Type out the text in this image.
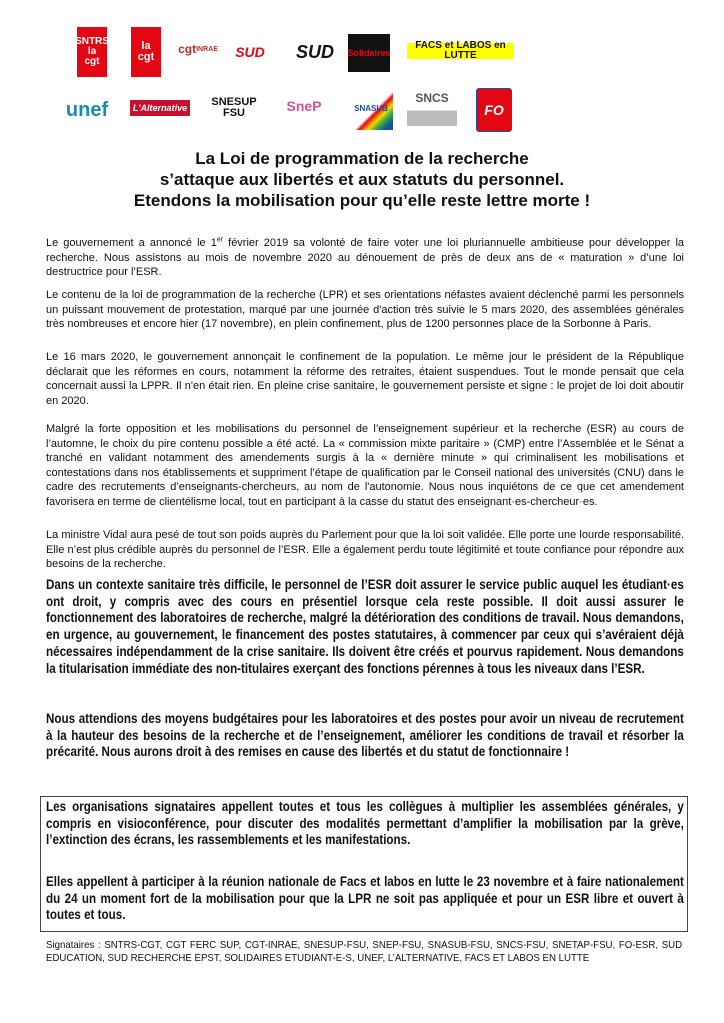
SNTRS
la
cgt
la
cgt
cgt INRAE	SUD	SUD Solidaires
FACS et LABOS en LUTTE
unef	L'Alternative	SNESUP FSU	SneP	SNASUB
SNCS
FO
La Loi de programmation de la recherche
s’attaque aux libertés et aux statuts du personnel.
Etendons la mobilisation pour qu’elle reste lettre morte !
Le gouvernement a annoncé le 1er février 2019 sa volonté de faire voter une loi pluriannuelle ambitieuse pour développer la recherche. Nous assistons au mois de novembre 2020 au dénouement de près de deux ans de « maturation » d’une loi destructrice pour l’ESR.
Le contenu de la loi de programmation de la recherche (LPR) et ses orientations néfastes avaient déclenché parmi les personnels un puissant mouvement de protestation, marqué par une journée d'action très suivie le 5 mars 2020, des assemblées générales très nombreuses et encore hier (17 novembre), en plein confinement, plus de 1200 personnes place de la Sorbonne à Paris.
Le 16 mars 2020, le gouvernement annonçait le confinement de la population. Le même jour le président de la République déclarait que les réformes en cours, notamment la réforme des retraites, étaient suspendues. Tout le monde pensait que cela concernait aussi la LPPR. Il n'en était rien. En pleine crise sanitaire, le gouvernement persiste et signe : le projet de loi doit aboutir en 2020.
Malgré la forte opposition et les mobilisations du personnel de l’enseignement supérieur et la recherche (ESR) au cours de l’automne, le choix du pire contenu possible a été acté. La « commission mixte paritaire » (CMP) entre l’Assemblée et le Sénat a tranché en validant notamment des amendements surgis à la « dernière minute » qui criminalisent les mobilisations et contestations dans nos établissements et suppriment l’étape de qualification par le Conseil national des universités (CNU) dans le cadre des recrutements d’enseignants-chercheurs, au nom de l'autonomie. Nous nous inquiétons de ce que cet amendement favorisera en terme de clientélisme local, tout en participant à la casse du statut des enseignant·es-chercheur·es.
La ministre Vidal aura pesé de tout son poids auprès du Parlement pour que la loi soit validée. Elle porte une lourde responsabilité. Elle n’est plus crédible auprès du personnel de l’ESR. Elle a également perdu toute légitimité et toute confiance pour répondre aux besoins de la recherche.
Dans un contexte sanitaire très difficile, le personnel de l’ESR doit assurer le service public auquel les étudiant·es ont droit, y compris avec des cours en présentiel lorsque cela reste possible. Il doit aussi assurer le fonctionnement des laboratoires de recherche, malgré la détérioration des conditions de travail. Nous demandons, en urgence, au gouvernement, le financement des postes statutaires, à commencer par ceux qui s’avéraient déjà nécessaires indépendamment de la crise sanitaire. Ils doivent être créés et pourvus rapidement. Nous demandons la titularisation immédiate des non-titulaires exerçant des fonctions pérennes à tous les niveaux dans l’ESR.
Nous attendions des moyens budgétaires pour les laboratoires et des postes pour avoir un niveau de recrutement à la hauteur des besoins de la recherche et de l’enseignement, améliorer les conditions de travail et résorber la précarité. Nous aurons droit à des remises en cause des libertés et du statut de fonctionnaire !
Les organisations signataires appellent toutes et tous les collègues à multiplier les assemblées générales, y compris en visioconférence, pour discuter des modalités permettant d’amplifier la mobilisation par la grève, l’extinction des écrans, les rassemblements et les manifestations.
Elles appellent à participer à la réunion nationale de Facs et labos en lutte le 23 novembre et à faire nationalement du 24 un moment fort de la mobilisation pour que la LPR ne soit pas appliquée et pour un ESR libre et ouvert à toutes et tous.
Signataires : SNTRS-CGT, CGT FERC SUP, CGT-INRAE, SNESUP-FSU, SNEP-FSU, SNASUB-FSU, SNCS-FSU, SNETAP-FSU, FO-ESR, SUD EDUCATION, SUD RECHERCHE EPST, SOLIDAIRES ETUDIANT-E-S, UNEF, L’ALTERNATIVE, FACS ET LABOS EN LUTTE
